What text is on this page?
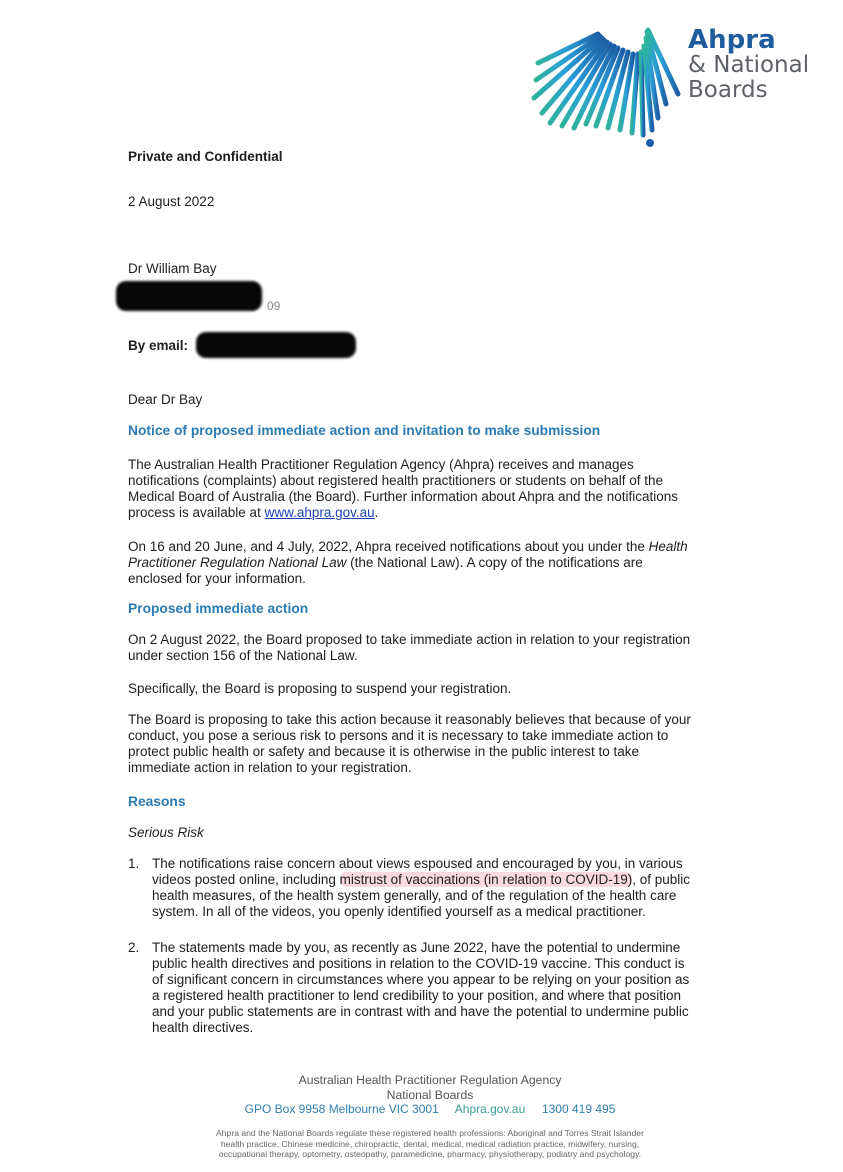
Ahpra
& National
Boards
Private and Confidential
2 August 2022
Dr William Bay
09
By email:
Dear Dr Bay
Notice of proposed immediate action and invitation to make submission
The Australian Health Practitioner Regulation Agency (Ahpra) receives and manages
notifications (complaints) about registered health practitioners or students on behalf of the
Medical Board of Australia (the Board). Further information about Ahpra and the notifications
process is available at www.ahpra.gov.au.
On 16 and 20 June, and 4 July, 2022, Ahpra received notifications about you under the Health
Practitioner Regulation National Law (the National Law). A copy of the notifications are
enclosed for your information.
Proposed immediate action
On 2 August 2022, the Board proposed to take immediate action in relation to your registration
under section 156 of the National Law.
Specifically, the Board is proposing to suspend your registration.
The Board is proposing to take this action because it reasonably believes that because of your
conduct, you pose a serious risk to persons and it is necessary to take immediate action to
protect public health or safety and because it is otherwise in the public interest to take
immediate action in relation to your registration.
Reasons
Serious Risk
1. The notifications raise concern about views espoused and encouraged by you, in various
videos posted online, including mistrust of vaccinations (in relation to COVID-19), of public
health measures, of the health system generally, and of the regulation of the health care
system. In all of the videos, you openly identified yourself as a medical practitioner.
2. The statements made by you, as recently as June 2022, have the potential to undermine
public health directives and positions in relation to the COVID-19 vaccine. This conduct is
of significant concern in circumstances where you appear to be relying on your position as
a registered health practitioner to lend credibility to your position, and where that position
and your public statements are in contrast with and have the potential to undermine public
health directives.
Australian Health Practitioner Regulation Agency
National Boards
GPO Box 9958 Melbourne VIC 3001 Ahpra.gov.au 1300 419 495
Ahpra and the National Boards regulate these registered health professions: Aboriginal and Torres Strait Islander
health practice, Chinese medicine, chiropractic, dental, medical, medical radiation practice, midwifery, nursing,
occupational therapy, optometry, osteopathy, paramedicine, pharmacy, physiotherapy, podiatry and psychology.
